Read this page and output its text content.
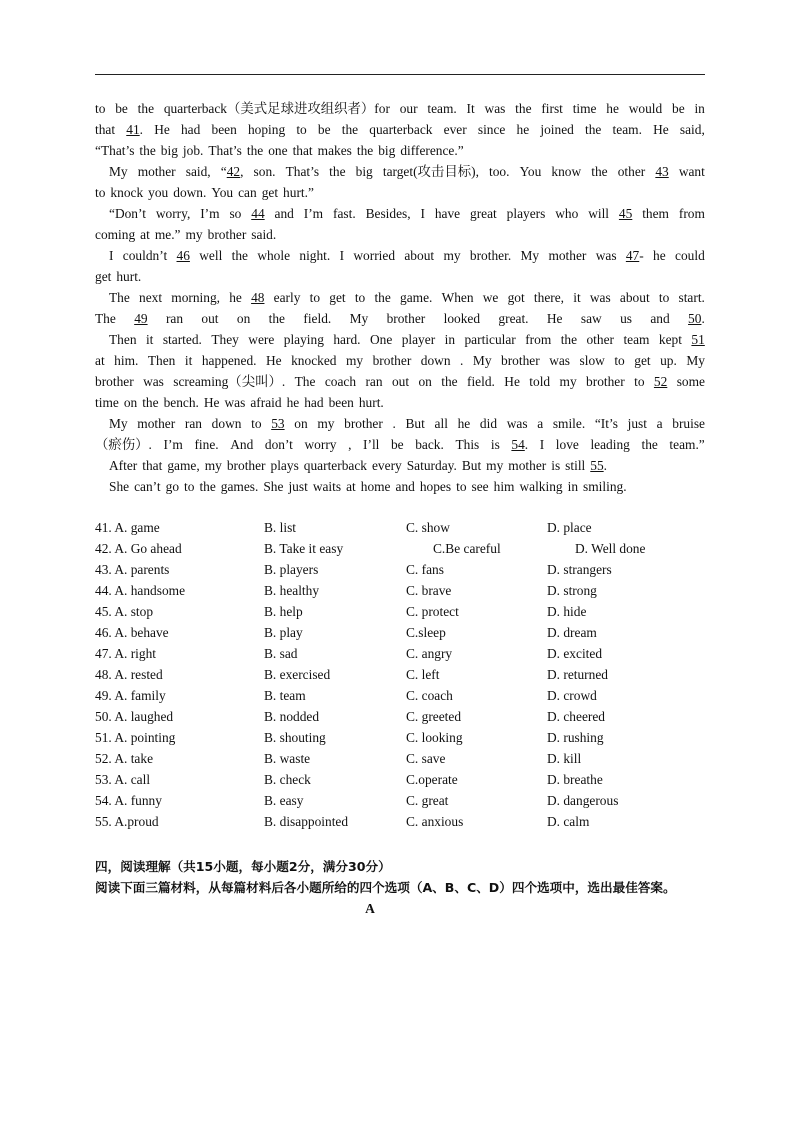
to be the quarterback（美式足球进攻组织者）for our team. It was the first time he would be in
that 41. He had been hoping to be the quarterback ever since he joined the team. He said,
“That’s the big job. That’s the one that makes the big difference.”
My mother said, “42, son. That’s the big target(攻击目标), too. You know the other 43 want
to knock you down. You can get hurt.”
“Don’t worry, I’m so 44 and I’m fast. Besides, I have great players who will 45 them from
coming at me.” my brother said.
I couldn’t 46 well the whole night. I worried about my brother. My mother was 47- he could
get hurt.
The next morning, he 48 early to get to the game. When we got there, it was about to start.
The 49 ran out on the field. My brother looked great. He saw us and 50.
Then it started. They were playing hard. One player in particular from the other team kept 51
at him. Then it happened. He knocked my brother down . My brother was slow to get up. My
brother was screaming（尖叫）. The coach ran out on the field. He told my brother to 52 some
time on the bench. He was afraid he had been hurt.
My mother ran down to 53 on my brother . But all he did was a smile. “It’s just a bruise
（瘀伤）. I’m fine. And don’t worry , I’ll be back. This is 54. I love leading the team.”
After that game, my brother plays quarterback every Saturday. But my mother is still 55.
She can’t go to the games. She just waits at home and hopes to see him walking in smiling.
41. A. game	B. list	C. show	D. place
42. A. Go ahead	B. Take it easy	C.Be careful	D. Well done
43. A. parents	B. players	C. fans	D. strangers
44. A. handsome	B. healthy	C. brave	D. strong
45. A. stop	B. help	C. protect	D. hide
46. A. behave	B. play	C.sleep	D. dream
47. A. right	B. sad	C. angry	D. excited
48. A. rested	B. exercised	C. left	D. returned
49. A. family	B. team	C. coach	D. crowd
50. A. laughed	B. nodded	C. greeted	D. cheered
51. A. pointing	B. shouting	C. looking	D. rushing
52. A. take	B. waste	C. save	D. kill
53. A. call	B. check	C.operate	D. breathe
54. A. funny	B. easy	C. great	D. dangerous
55. A.proud	B. disappointed	C. anxious	D. calm
四，阅读理解（共15小题，每小题2分，满分30分）
阅读下面三篇材料，从每篇材料后各小题所给的四个选项（A、B、C、D）四个选项中，选出最佳答案。
A
